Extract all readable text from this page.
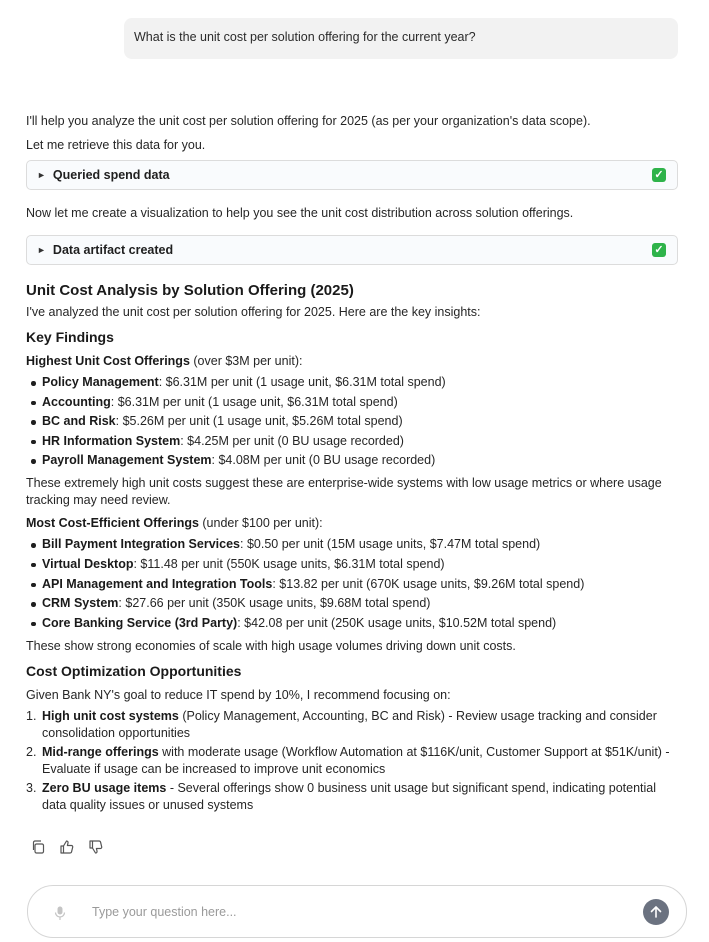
What is the unit cost per solution offering for the current year?

I'll help you analyze the unit cost per solution offering for 2025 (as per your organization's data scope).

Let me retrieve this data for you.

► Queried spend data	✓

Now let me create a visualization to help you see the unit cost distribution across solution offerings.

► Data artifact created	✓
Unit Cost Analysis by Solution Offering (2025)

I've analyzed the unit cost per solution offering for 2025. Here are the key insights:

Key Findings

Highest Unit Cost Offerings (over $3M per unit):

Policy Management: $6.31M per unit (1 usage unit, $6.31M total spend)
Accounting: $6.31M per unit (1 usage unit, $6.31M total spend)
BC and Risk: $5.26M per unit (1 usage unit, $5.26M total spend)
HR Information System: $4.25M per unit (0 BU usage recorded)
Payroll Management System: $4.08M per unit (0 BU usage recorded)

These extremely high unit costs suggest these are enterprise-wide systems with low usage metrics or where usage tracking may need review.

Most Cost-Efficient Offerings (under $100 per unit):

Bill Payment Integration Services: $0.50 per unit (15M usage units, $7.47M total spend)
Virtual Desktop: $11.48 per unit (550K usage units, $6.31M total spend)
API Management and Integration Tools: $13.82 per unit (670K usage units, $9.26M total spend)
CRM System: $27.66 per unit (350K usage units, $9.68M total spend)
Core Banking Service (3rd Party): $42.08 per unit (250K usage units, $10.52M total spend)

These show strong economies of scale with high usage volumes driving down unit costs.

Cost Optimization Opportunities

Given Bank NY's goal to reduce IT spend by 10%, I recommend focusing on:

1. High unit cost systems (Policy Management, Accounting, BC and Risk) - Review usage tracking and consider consolidation opportunities
2. Mid-range offerings with moderate usage (Workflow Automation at $116K/unit, Customer Support at $51K/unit) - Evaluate if usage can be increased to improve unit economics
3. Zero BU usage items - Several offerings show 0 business unit usage but significant spend, indicating potential data quality issues or unused systems
Type your question here...
